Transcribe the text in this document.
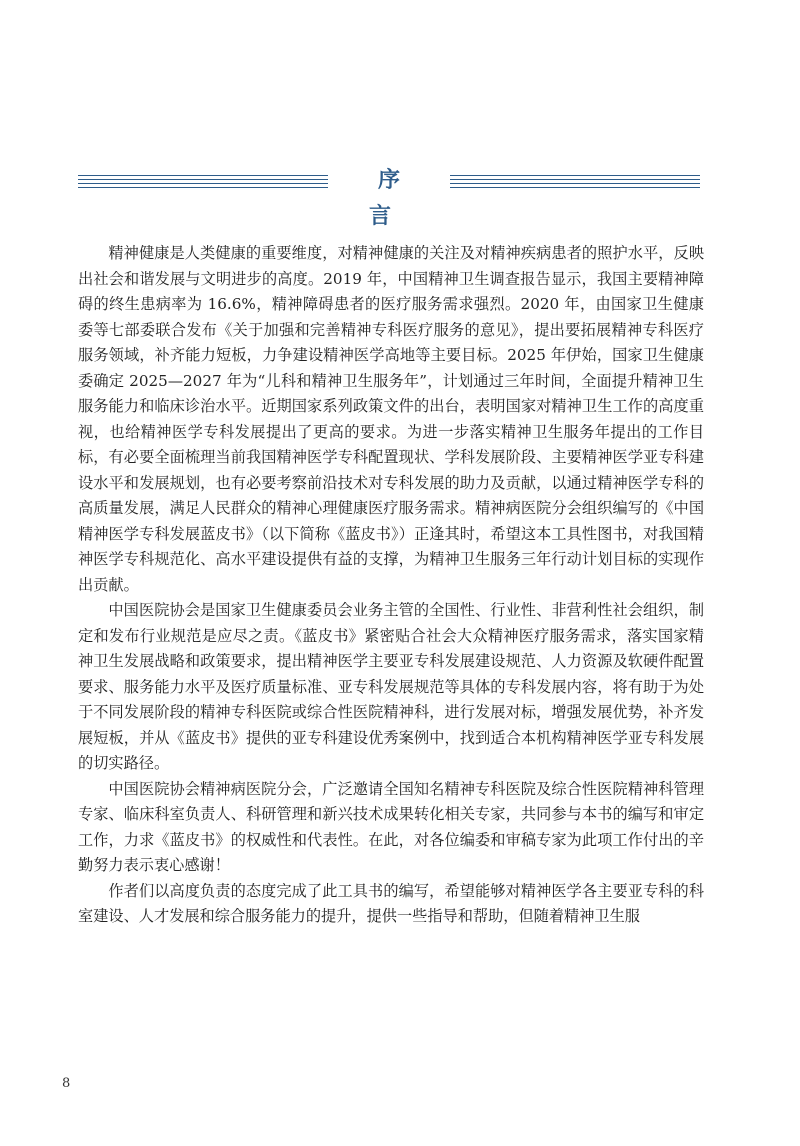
序 言

精神健康是人类健康的重要维度，对精神健康的关注及对精神疾病患者的照护水平，反映出社会和谐发展与文明进步的高度。2019 年，中国精神卫生调查报告显示，我国主要精神障碍的终生患病率为 16.6%，精神障碍患者的医疗服务需求强烈。2020 年，由国家卫生健康委等七部委联合发布《关于加强和完善精神专科医疗服务的意见》，提出要拓展精神专科医疗服务领域，补齐能力短板，力争建设精神医学高地等主要目标。2025 年伊始，国家卫生健康委确定 2025—2027 年为“儿科和精神卫生服务年”，计划通过三年时间，全面提升精神卫生服务能力和临床诊治水平。近期国家系列政策文件的出台，表明国家对精神卫生工作的高度重视，也给精神医学专科发展提出了更高的要求。为进一步落实精神卫生服务年提出的工作目标，有必要全面梳理当前我国精神医学专科配置现状、学科发展阶段、主要精神医学亚专科建设水平和发展规划，也有必要考察前沿技术对专科发展的助力及贡献，以通过精神医学专科的高质量发展，满足人民群众的精神心理健康医疗服务需求。精神病医院分会组织编写的《中国精神医学专科发展蓝皮书》（以下简称《蓝皮书》）正逢其时，希望这本工具性图书，对我国精神医学专科规范化、高水平建设提供有益的支撑，为精神卫生服务三年行动计划目标的实现作出贡献。

中国医院协会是国家卫生健康委员会业务主管的全国性、行业性、非营利性社会组织，制定和发布行业规范是应尽之责。《蓝皮书》紧密贴合社会大众精神医疗服务需求，落实国家精神卫生发展战略和政策要求，提出精神医学主要亚专科发展建设规范、人力资源及软硬件配置要求、服务能力水平及医疗质量标准、亚专科发展规范等具体的专科发展内容，将有助于为处于不同发展阶段的精神专科医院或综合性医院精神科，进行发展对标，增强发展优势，补齐发展短板，并从《蓝皮书》提供的亚专科建设优秀案例中，找到适合本机构精神医学亚专科发展的切实路径。

中国医院协会精神病医院分会，广泛邀请全国知名精神专科医院及综合性医院精神科管理专家、临床科室负责人、科研管理和新兴技术成果转化相关专家，共同参与本书的编写和审定工作，力求《蓝皮书》的权威性和代表性。在此，对各位编委和审稿专家为此项工作付出的辛勤努力表示衷心感谢！

作者们以高度负责的态度完成了此工具书的编写，希望能够对精神医学各主要亚专科的科室建设、人才发展和综合服务能力的提升，提供一些指导和帮助，但随着精神卫生服

8
